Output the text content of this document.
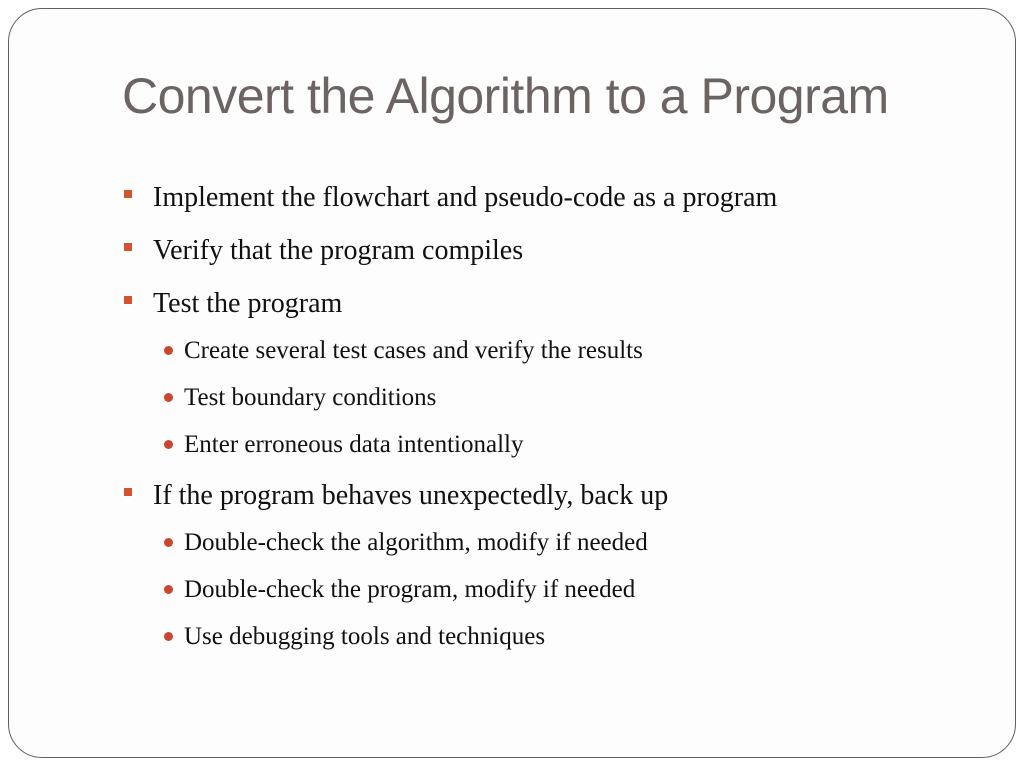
Convert the Algorithm to a Program
Implement the flowchart and pseudo-code as a program
Verify that the program compiles
Test the program
Create several test cases and verify the results
Test boundary conditions
Enter erroneous data intentionally
If the program behaves unexpectedly, back up
Double-check the algorithm, modify if needed
Double-check the program, modify if needed
Use debugging tools and techniques
